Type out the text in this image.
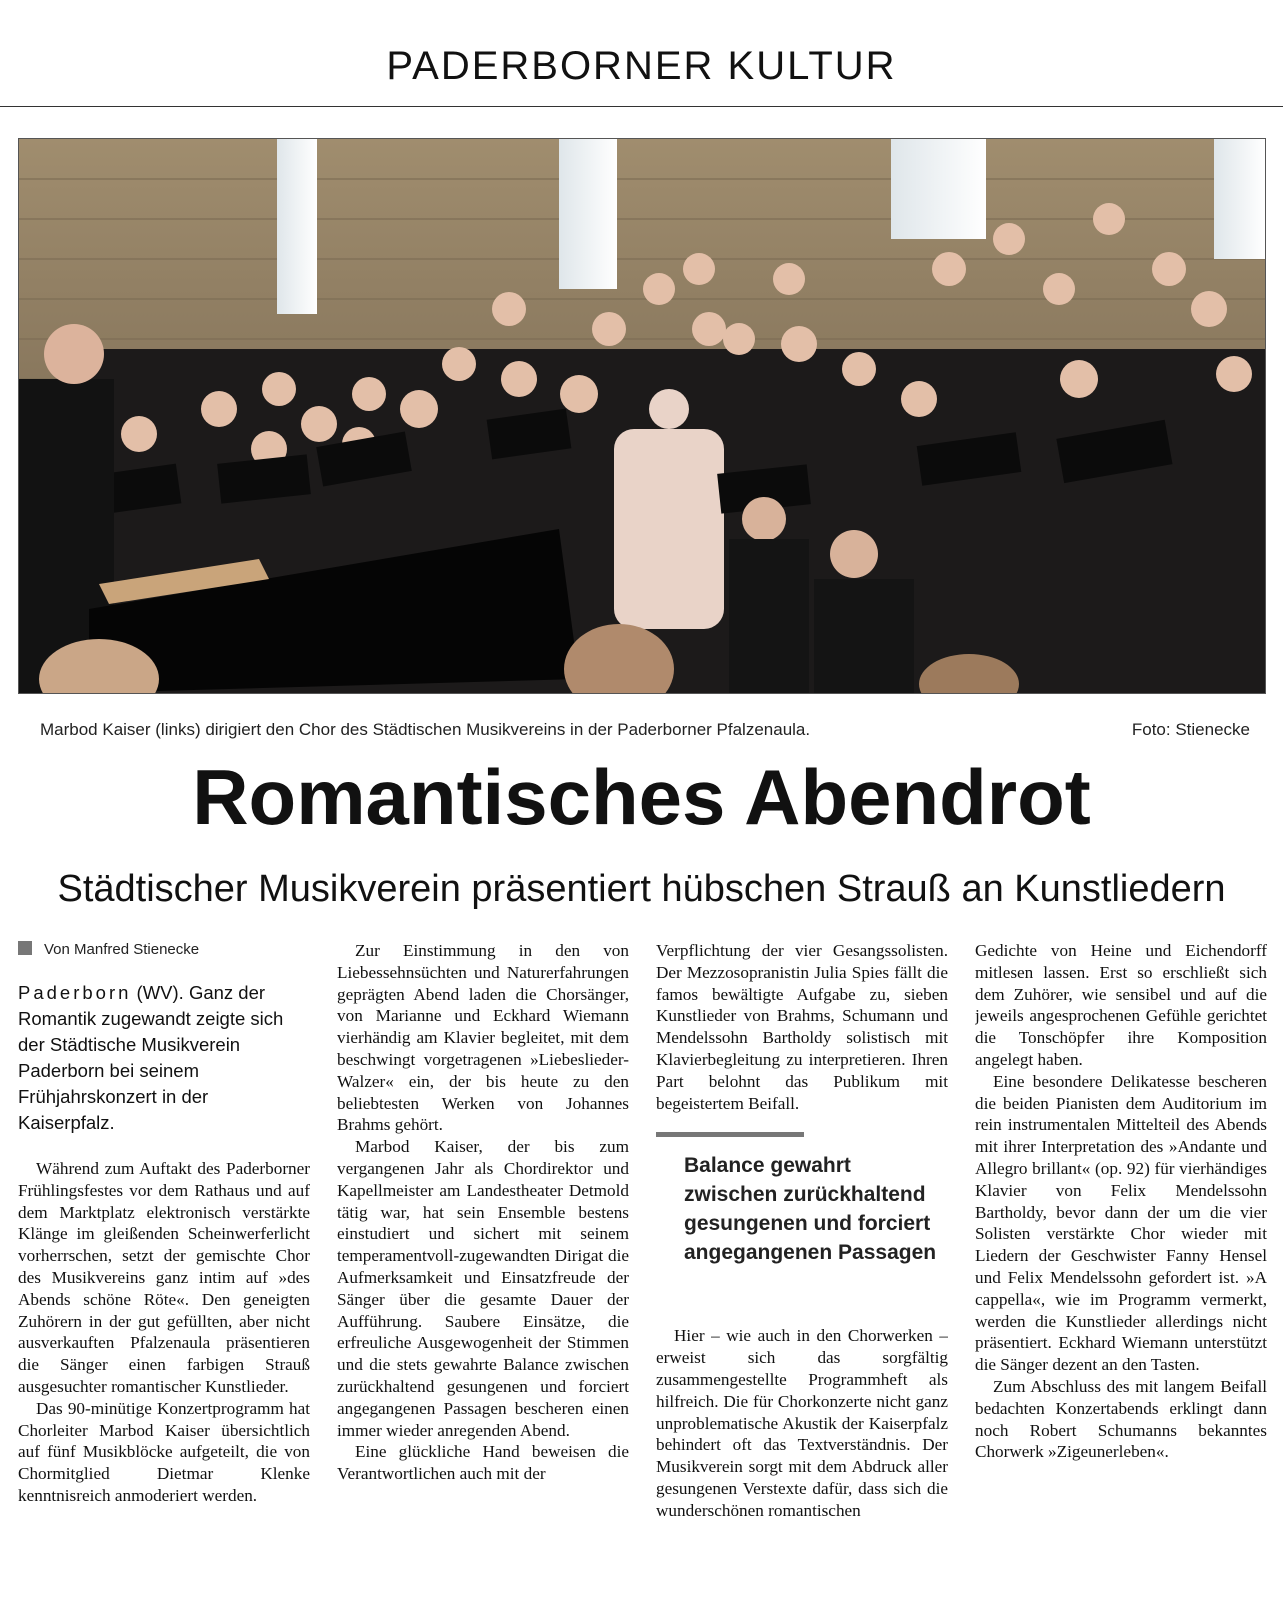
PADERBORNER KULTUR
Marbod Kaiser (links) dirigiert den Chor des Städtischen Musikvereins in der Paderborner Pfalzenaula.	Foto: Stienecke
Romantisches Abendrot
Städtischer Musikverein präsentiert hübschen Strauß an Kunstliedern
Von Manfred Stienecke
Paderborn (WV). Ganz der Romantik zugewandt zeigte sich der Städtische Musikverein Paderborn bei seinem Frühjahrskonzert in der Kaiserpfalz.

Während zum Auftakt des Paderborner Frühlingsfestes vor dem Rathaus und auf dem Marktplatz elektronisch verstärkte Klänge im gleißenden Scheinwerferlicht vorherrschen, setzt der gemischte Chor des Musikvereins ganz intim auf »des Abends schöne Röte«. Den geneigten Zuhörern in der gut gefüllten, aber nicht ausverkauften Pfalzenaula präsentieren die Sänger einen farbigen Strauß ausgesuchter romantischer Kunstlieder.

Das 90-minütige Konzertprogramm hat Chorleiter Marbod Kaiser übersichtlich auf fünf Musikblöcke aufgeteilt, die von Chormitglied Dietmar Klenke kenntnisreich anmoderiert werden.

Zur Einstimmung in den von Liebessehnsüchten und Naturerfahrungen geprägten Abend laden die Chorsänger, von Marianne und Eckhard Wiemann vierhändig am Klavier begleitet, mit dem beschwingt vorgetragenen »Liebeslieder-Walzer« ein, der bis heute zu den beliebtesten Werken von Johannes Brahms gehört.

Marbod Kaiser, der bis zum vergangenen Jahr als Chordirektor und Kapellmeister am Landestheater Detmold tätig war, hat sein Ensemble bestens einstudiert und sichert mit seinem temperamentvoll-zugewandten Dirigat die Aufmerksamkeit und Einsatzfreude der Sänger über die gesamte Dauer der Aufführung. Saubere Einsätze, die erfreuliche Ausgewogenheit der Stimmen und die stets gewahrte Balance zwischen zurückhaltend gesungenen und forciert angegangenen Passagen bescheren einen immer wieder anregenden Abend.

Eine glückliche Hand beweisen die Verantwortlichen auch mit der

Verpflichtung der vier Gesangssolisten. Der Mezzosopranistin Julia Spies fällt die famos bewältigte Aufgabe zu, sieben Kunstlieder von Brahms, Schumann und Mendelssohn Bartholdy solistisch mit Klavierbegleitung zu interpretieren. Ihren Part belohnt das Publikum mit begeistertem Beifall.

Balance gewahrt zwischen zurückhaltend gesungenen und forciert angegangenen Passagen

Hier – wie auch in den Chorwerken – erweist sich das sorgfältig zusammengestellte Programmheft als hilfreich. Die für Chorkonzerte nicht ganz unproblematische Akustik der Kaiserpfalz behindert oft das Textverständnis. Der Musikverein sorgt mit dem Abdruck aller gesungenen Verstexte dafür, dass sich die wunderschönen romantischen

Gedichte von Heine und Eichendorff mitlesen lassen. Erst so erschließt sich dem Zuhörer, wie sensibel und auf die jeweils angesprochenen Gefühle gerichtet die Tonschöpfer ihre Komposition angelegt haben.

Eine besondere Delikatesse bescheren die beiden Pianisten dem Auditorium im rein instrumentalen Mittelteil des Abends mit ihrer Interpretation des »Andante und Allegro brillant« (op. 92) für vierhändiges Klavier von Felix Mendelssohn Bartholdy, bevor dann der um die vier Solisten verstärkte Chor wieder mit Liedern der Geschwister Fanny Hensel und Felix Mendelssohn gefordert ist. »A cappella«, wie im Programm vermerkt, werden die Kunstlieder allerdings nicht präsentiert. Eckhard Wiemann unterstützt die Sänger dezent an den Tasten.

Zum Abschluss des mit langem Beifall bedachten Konzertabends erklingt dann noch Robert Schumanns bekanntes Chorwerk »Zigeunerleben«.
